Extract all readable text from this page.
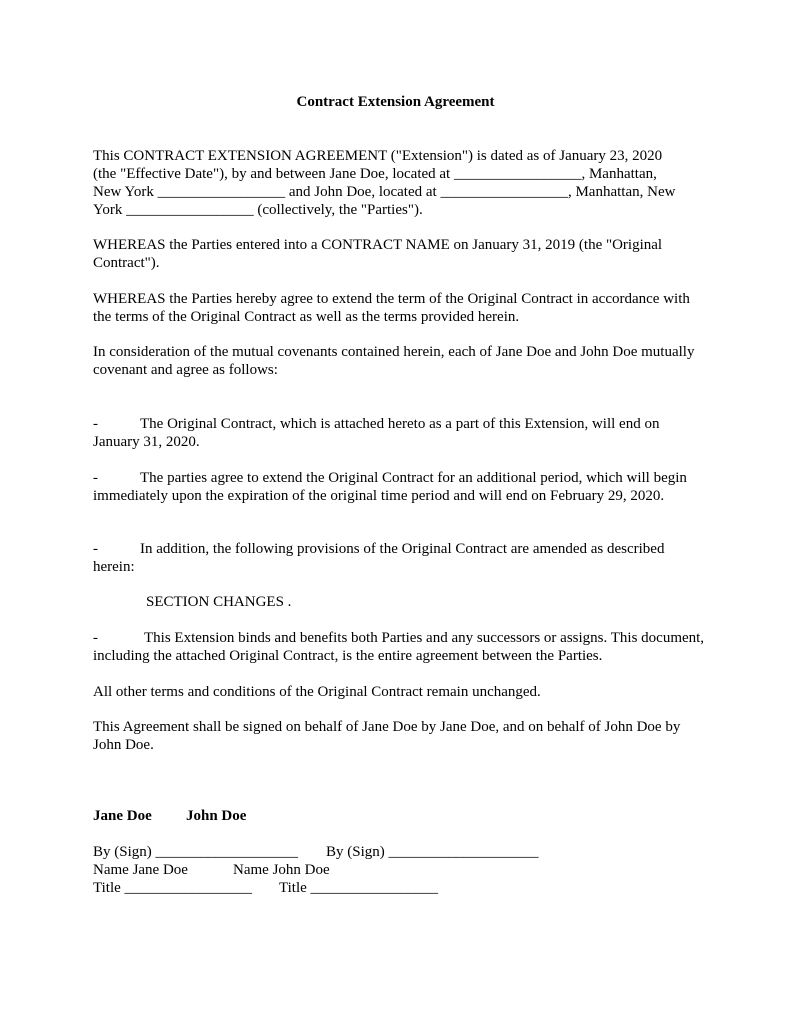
Contract Extension Agreement
This CONTRACT EXTENSION AGREEMENT ("Extension") is dated as of January 23, 2020
(the "Effective Date"), by and between Jane Doe, located at _________________, Manhattan,
New York _________________ and John Doe, located at _________________, Manhattan, New
York _________________ (collectively, the "Parties").

WHEREAS the Parties entered into a CONTRACT NAME on January 31, 2019 (the "Original Contract").

WHEREAS the Parties hereby agree to extend the term of the Original Contract in accordance with the terms of the Original Contract as well as the terms provided herein.

In consideration of the mutual covenants contained herein, each of Jane Doe and John Doe mutually covenant and agree as follows:

-	The Original Contract, which is attached hereto as a part of this Extension, will end on January 31, 2020.

-	The parties agree to extend the Original Contract for an additional period, which will begin immediately upon the expiration of the original time period and will end on February 29, 2020.

-	In addition, the following provisions of the Original Contract are amended as described herein:

SECTION CHANGES .

-	This Extension binds and benefits both Parties and any successors or assigns. This document, including the attached Original Contract, is the entire agreement between the Parties.

All other terms and conditions of the Original Contract remain unchanged.

This Agreement shall be signed on behalf of Jane Doe by Jane Doe, and on behalf of John Doe by John Doe.

Jane Doe John Doe
By (Sign) ___________________ By (Sign) ____________________
Name Jane Doe	Name John Doe
Title _________________ Title _________________
